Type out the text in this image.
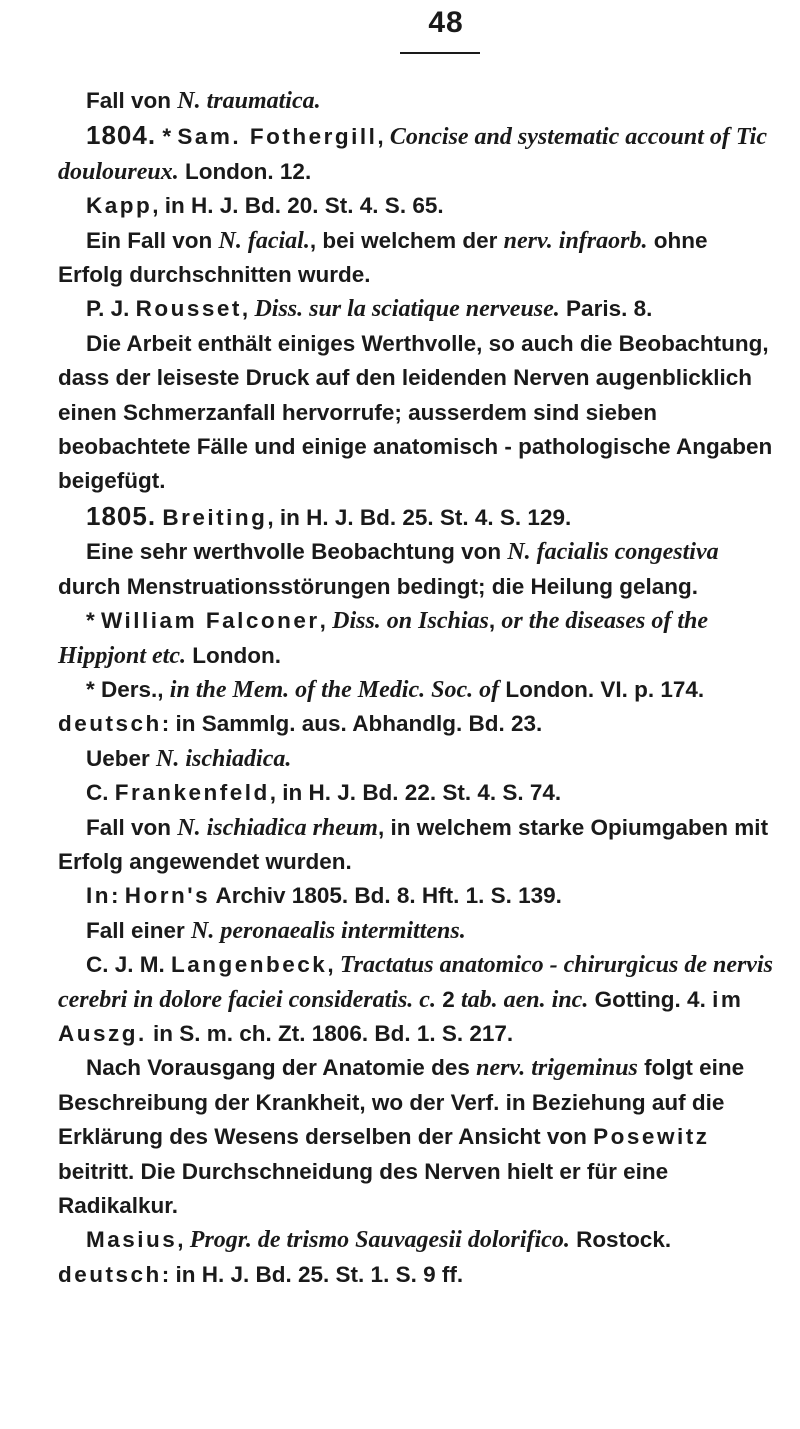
48

Fall von N. traumatica.

1804. * Sam. Fothergill, Concise and systematic account of Tic douloureux. London. 12.

Kapp, in H. J. Bd. 20. St. 4. S. 65.

Ein Fall von N. facial., bei welchem der nerv. infraorb. ohne Erfolg durchschnitten wurde.

P. J. Rousset, Diss. sur la sciatique nerveuse. Paris. 8.

Die Arbeit enthält einiges Werthvolle, so auch die Beobachtung, dass der leiseste Druck auf den leidenden Nerven augenblicklich einen Schmerzanfall hervorrufe; ausserdem sind sieben beobachtete Fälle und einige anatomisch - pathologische Angaben beigefügt.

1805. Breiting, in H. J. Bd. 25. St. 4. S. 129.

Eine sehr werthvolle Beobachtung von N. facialis congestiva durch Menstruationsstörungen bedingt; die Heilung gelang.

* William Falconer, Diss. on Ischias, or the diseases of the Hippjont etc. London.

* Ders., in the Mem. of the Medic. Soc. of London. VI. p. 174. deutsch: in Sammlg. aus. Abhandlg. Bd. 23.

Ueber N. ischiadica.

C. Frankenfeld, in H. J. Bd. 22. St. 4. S. 74.

Fall von N. ischiadica rheum, in welchem starke Opiumgaben mit Erfolg angewendet wurden.

In: Horn's Archiv 1805. Bd. 8. Hft. 1. S. 139.

Fall einer N. peronaealis intermittens.

C. J. M. Langenbeck, Tractatus anatomico - chirurgicus de nervis cerebri in dolore faciei consideratis. c. 2 tab. aen. inc. Gotting. 4. im Auszg. in S. m. ch. Zt. 1806. Bd. 1. S. 217.

Nach Vorausgang der Anatomie des nerv. trigeminus folgt eine Beschreibung der Krankheit, wo der Verf. in Beziehung auf die Erklärung des Wesens derselben der Ansicht von Posewitz beitritt. Die Durchschneidung des Nerven hielt er für eine Radikalkur.

Masius, Progr. de trismo Sauvagesii dolorifico. Rostock. deutsch: in H. J. Bd. 25. St. 1. S. 9 ff.
